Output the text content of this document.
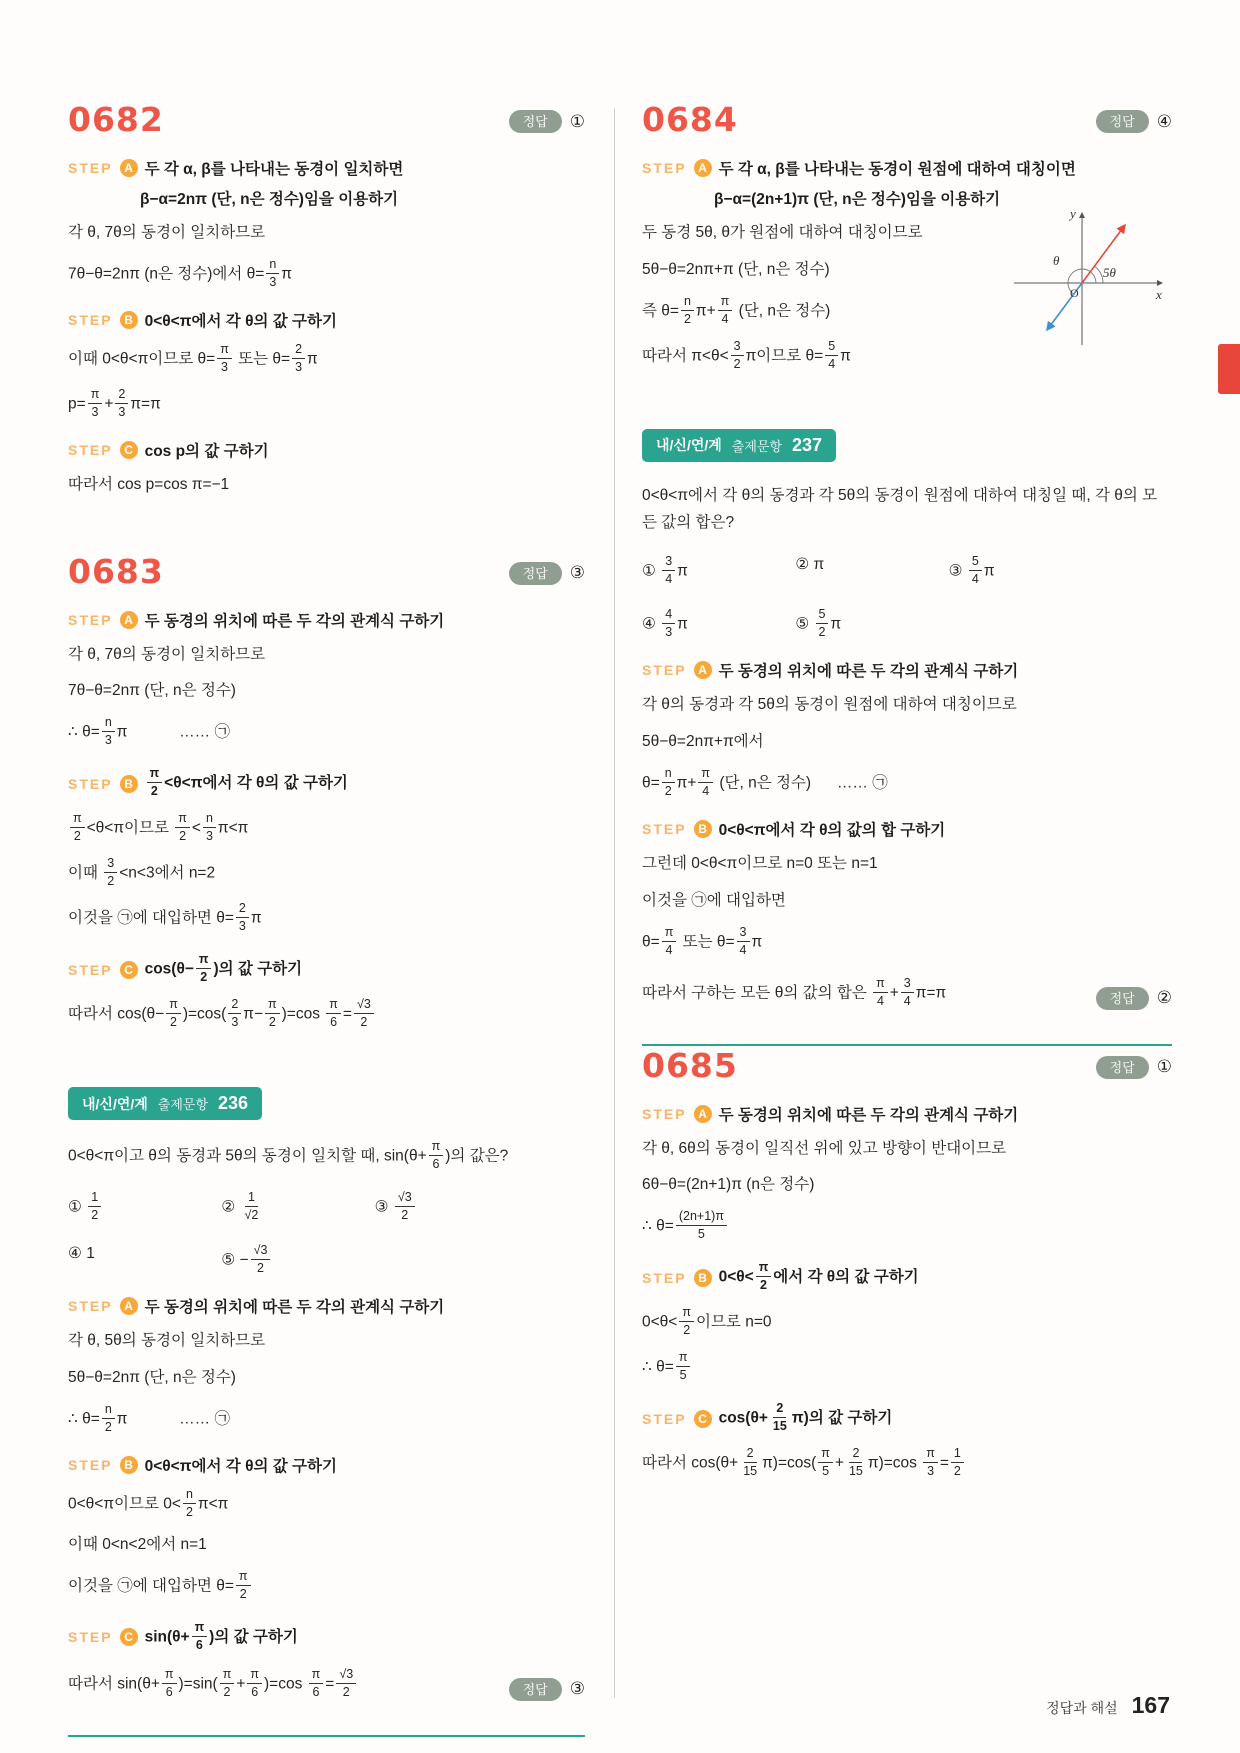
0682	정답	①
STEP A 두 각 α, β를 나타내는 동경이 일치하면
β−α=2nπ (단, n은 정수)임을 이용하기

각 θ, 7θ의 동경이 일치하므로

7θ−θ=2nπ (n은 정수)에서 $\theta= \frac{n}{3}$ π

STEP B 0<θ<π에서 각 θ의 값 구하기

이때 0<θ<π이므로 $\theta= \frac{\pi}{3}$ 또는 $\theta= \frac{2}{3}$ π

$p= \frac{\pi}{3} + \frac{2}{3} \pi=\pi$

STEP C cos p의 값 구하기

따라서 cos p=cos π=−1

0683	정답	③
STEP A 두 동경의 위치에 따른 두 각의 관계식 구하기

각 θ, 7θ의 동경이 일치하므로

7θ−θ=2nπ (단, n은 정수)

∴ $\theta= \frac{n}{3}$ π            …… ㉠

STEP B	$\frac{\pi}{2} <\theta<\pi$에서 각 θ의 값 구하기

$\frac{\pi}{2} <\theta<\pi$이므로 $\frac{\pi}{2} < \frac{n}{3} \pi<\pi$

이때 $\frac{3}{2} <n<3$에서 n=2

이것을 ㉠에 대입하면 $\theta= \frac{2}{3}$ π

STEP C $\cos(\theta- \frac{\pi}{2}$ )의 값 구하기

따라서 $\cos(\theta- \frac{\pi}{2} )=\cos( \frac{2}{3} \pi- \frac{\pi}{2} )=\cos \frac{\pi}{6} = \frac{√3}{2}$

내/신/연/계 출제문항 236

0<θ<π이고 θ의 동경과 5θ의 동경이 일치할 때, $\sin(\theta+ \frac{\pi}{6}$ )의 값은?

① $\frac{1}{2}$	② $\frac{1}{√2}$	③ $\frac{√3}{2}$
④ 1	⑤ − $\frac{√3}{2}$
STEP A 두 동경의 위치에 따른 두 각의 관계식 구하기

각 θ, 5θ의 동경이 일치하므로

5θ−θ=2nπ (단, n은 정수)

∴ $\theta= \frac{n}{2}$ π            …… ㉠

STEP B 0<θ<π에서 각 θ의 값 구하기

0<θ<π이므로 $0< \frac{n}{2} \pi<\pi$

이때 0<n<2에서 n=1

이것을 ㉠에 대입하면 $\theta= \frac{\pi}{2}$

STEP C $\sin(\theta+ \frac{\pi}{6}$ )의 값 구하기

따라서 $\sin(\theta+ \frac{\pi}{6} )=\sin( \frac{\pi}{2} + \frac{\pi}{6} )=\cos \frac{\pi}{6} = \frac{√3}{2}$	정답	③
0684	정답	④
STEP A 두 각 α, β를 나타내는 동경이 원점에 대하여 대칭이면
β−α=(2n+1)π (단, n은 정수)임을 이용하기

두 동경 5θ, θ가 원점에 대하여 대칭이므로

5θ−θ=2nπ+π (단, n은 정수)

즉 $\theta= \frac{n}{2} \pi+ \frac{\pi}{4}$ (단, n은 정수)

따라서 $\pi<\theta< \frac{3}{2}$ π이므로 $\theta= \frac{5}{4}$ π

y
x
O
θ
5θ
내/신/연/계 출제문항 237

0<θ<π에서 각 θ의 동경과 각 5θ의 동경이 원점에 대하여 대칭일 때, 각 θ의 모든 값의 합은?

① $\frac{3}{4}$ π	② π	③ $\frac{5}{4}$ π
④ $\frac{4}{3}$ π	⑤ $\frac{5}{2}$ π
STEP A 두 동경의 위치에 따른 두 각의 관계식 구하기

각 θ의 동경과 각 5θ의 동경이 원점에 대하여 대칭이므로

5θ−θ=2nπ+π에서

$\theta= \frac{n}{2} \pi+ \frac{\pi}{4}$ (단, n은 정수)      …… ㉠

STEP B 0<θ<π에서 각 θ의 값의 합 구하기

그런데 0<θ<π이므로 n=0 또는 n=1

이것을 ㉠에 대입하면

$\theta= \frac{\pi}{4}$ 또는 $\theta= \frac{3}{4}$ π

따라서 구하는 모든 θ의 값의 합은 $\frac{\pi}{4} + \frac{3}{4} \pi=\pi$	정답	②
0685	정답	①
STEP A 두 동경의 위치에 따른 두 각의 관계식 구하기

각 θ, 6θ의 동경이 일직선 위에 있고 방향이 반대이므로

6θ−θ=(2n+1)π (n은 정수)

∴ $\theta= \frac{(2n+1)\pi}{5}$

STEP B $0<\theta< \frac{\pi}{2}$ 에서 각 θ의 값 구하기

$0<\theta< \frac{\pi}{2}$ 이므로 n=0

∴ $\theta= \frac{\pi}{5}$

STEP C $\cos(\theta+ \frac{2}{15} \pi)$의 값 구하기

따라서 $\cos(\theta+ \frac{2}{15} \pi)=\cos( \frac{\pi}{5} + \frac{2}{15} \pi)=\cos \frac{\pi}{3} = \frac{1}{2}$

정답과 해설 167
